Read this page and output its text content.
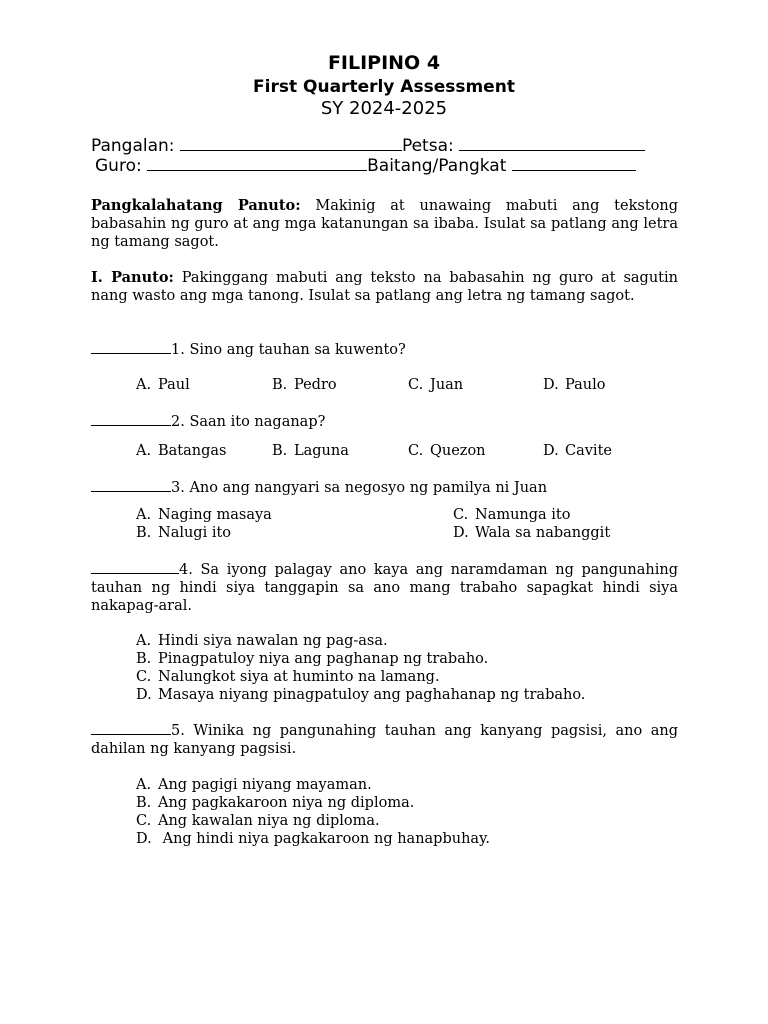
FILIPINO 4
First Quarterly Assessment
SY 2024-2025
Pangalan:	Petsa:
Guro:	Baitang/Pangkat
Pangkalahatang Panuto: Makinig at unawaing mabuti ang tekstong babasahin ng guro at ang mga katanungan sa ibaba. Isulat sa patlang ang letra ng tamang sagot.
I. Panuto: Pakinggang mabuti ang teksto na babasahin ng guro at sagutin nang wasto ang mga tanong. Isulat sa patlang ang letra ng tamang sagot.
1. Sino ang tauhan sa kuwento?
A. Paul	B. Pedro	C. Juan	D. Paulo
2. Saan ito naganap?
A. Batangas	B. Laguna	C. Quezon	D. Cavite
3. Ano ang nangyari sa negosyo ng pamilya ni Juan
A. Naging masaya
B. Nalugi ito
C. Namunga ito
D. Wala sa nabanggit
4. Sa iyong palagay ano kaya ang naramdaman ng pangunahing tauhan ng hindi siya tanggapin sa ano mang trabaho sapagkat hindi siya nakapag-aral.
A. Hindi siya nawalan ng pag-asa.
B. Pinagpatuloy niya ang paghanap ng trabaho.
C. Nalungkot siya at huminto na lamang.
D. Masaya niyang pinagpatuloy ang paghahanap ng trabaho.
5. Winika ng pangunahing tauhan ang kanyang pagsisi, ano ang dahilan ng kanyang pagsisi.
A. Ang pagigi niyang mayaman.
B. Ang pagkakaroon niya ng diploma.
C. Ang kawalan niya ng diploma.
D. Ang hindi niya pagkakaroon ng hanapbuhay.
